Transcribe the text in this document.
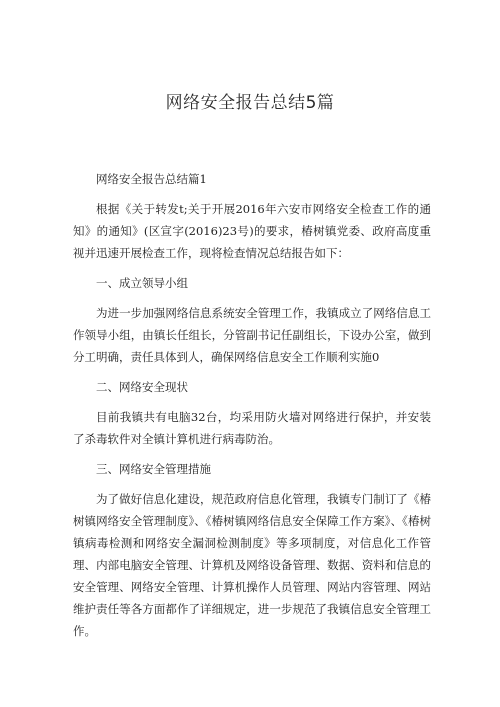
网络安全报告总结5篇

网络安全报告总结篇1

根据《关于转发t;关于开展2016年六安市网络安全检查工作的通知》的通知》(区宣字(2016)23号)的要求，椿树镇党委、政府高度重视并迅速开展检查工作，现将检查情况总结报告如下：

一、成立领导小组

为进一步加强网络信息系统安全管理工作，我镇成立了网络信息工作领导小组，由镇长任组长，分管副书记任副组长，下设办公室，做到分工明确，责任具体到人，确保网络信息安全工作顺利实施0

二、网络安全现状

目前我镇共有电脑32台，均采用防火墙对网络进行保护，并安装了杀毒软件对全镇计算机进行病毒防治。

三、网络安全管理措施

为了做好信息化建设，规范政府信息化管理，我镇专门制订了《椿树镇网络安全管理制度》、《椿树镇网络信息安全保障工作方案》、《椿树镇病毒检测和网络安全漏洞检测制度》等多项制度，对信息化工作管理、内部电脑安全管理、计算机及网络设备管理、数据、资料和信息的安全管理、网络安全管理、计算机操作人员管理、网站内容管理、网站维护责任等各方面都作了详细规定，进一步规范了我镇信息安全管理工作。
